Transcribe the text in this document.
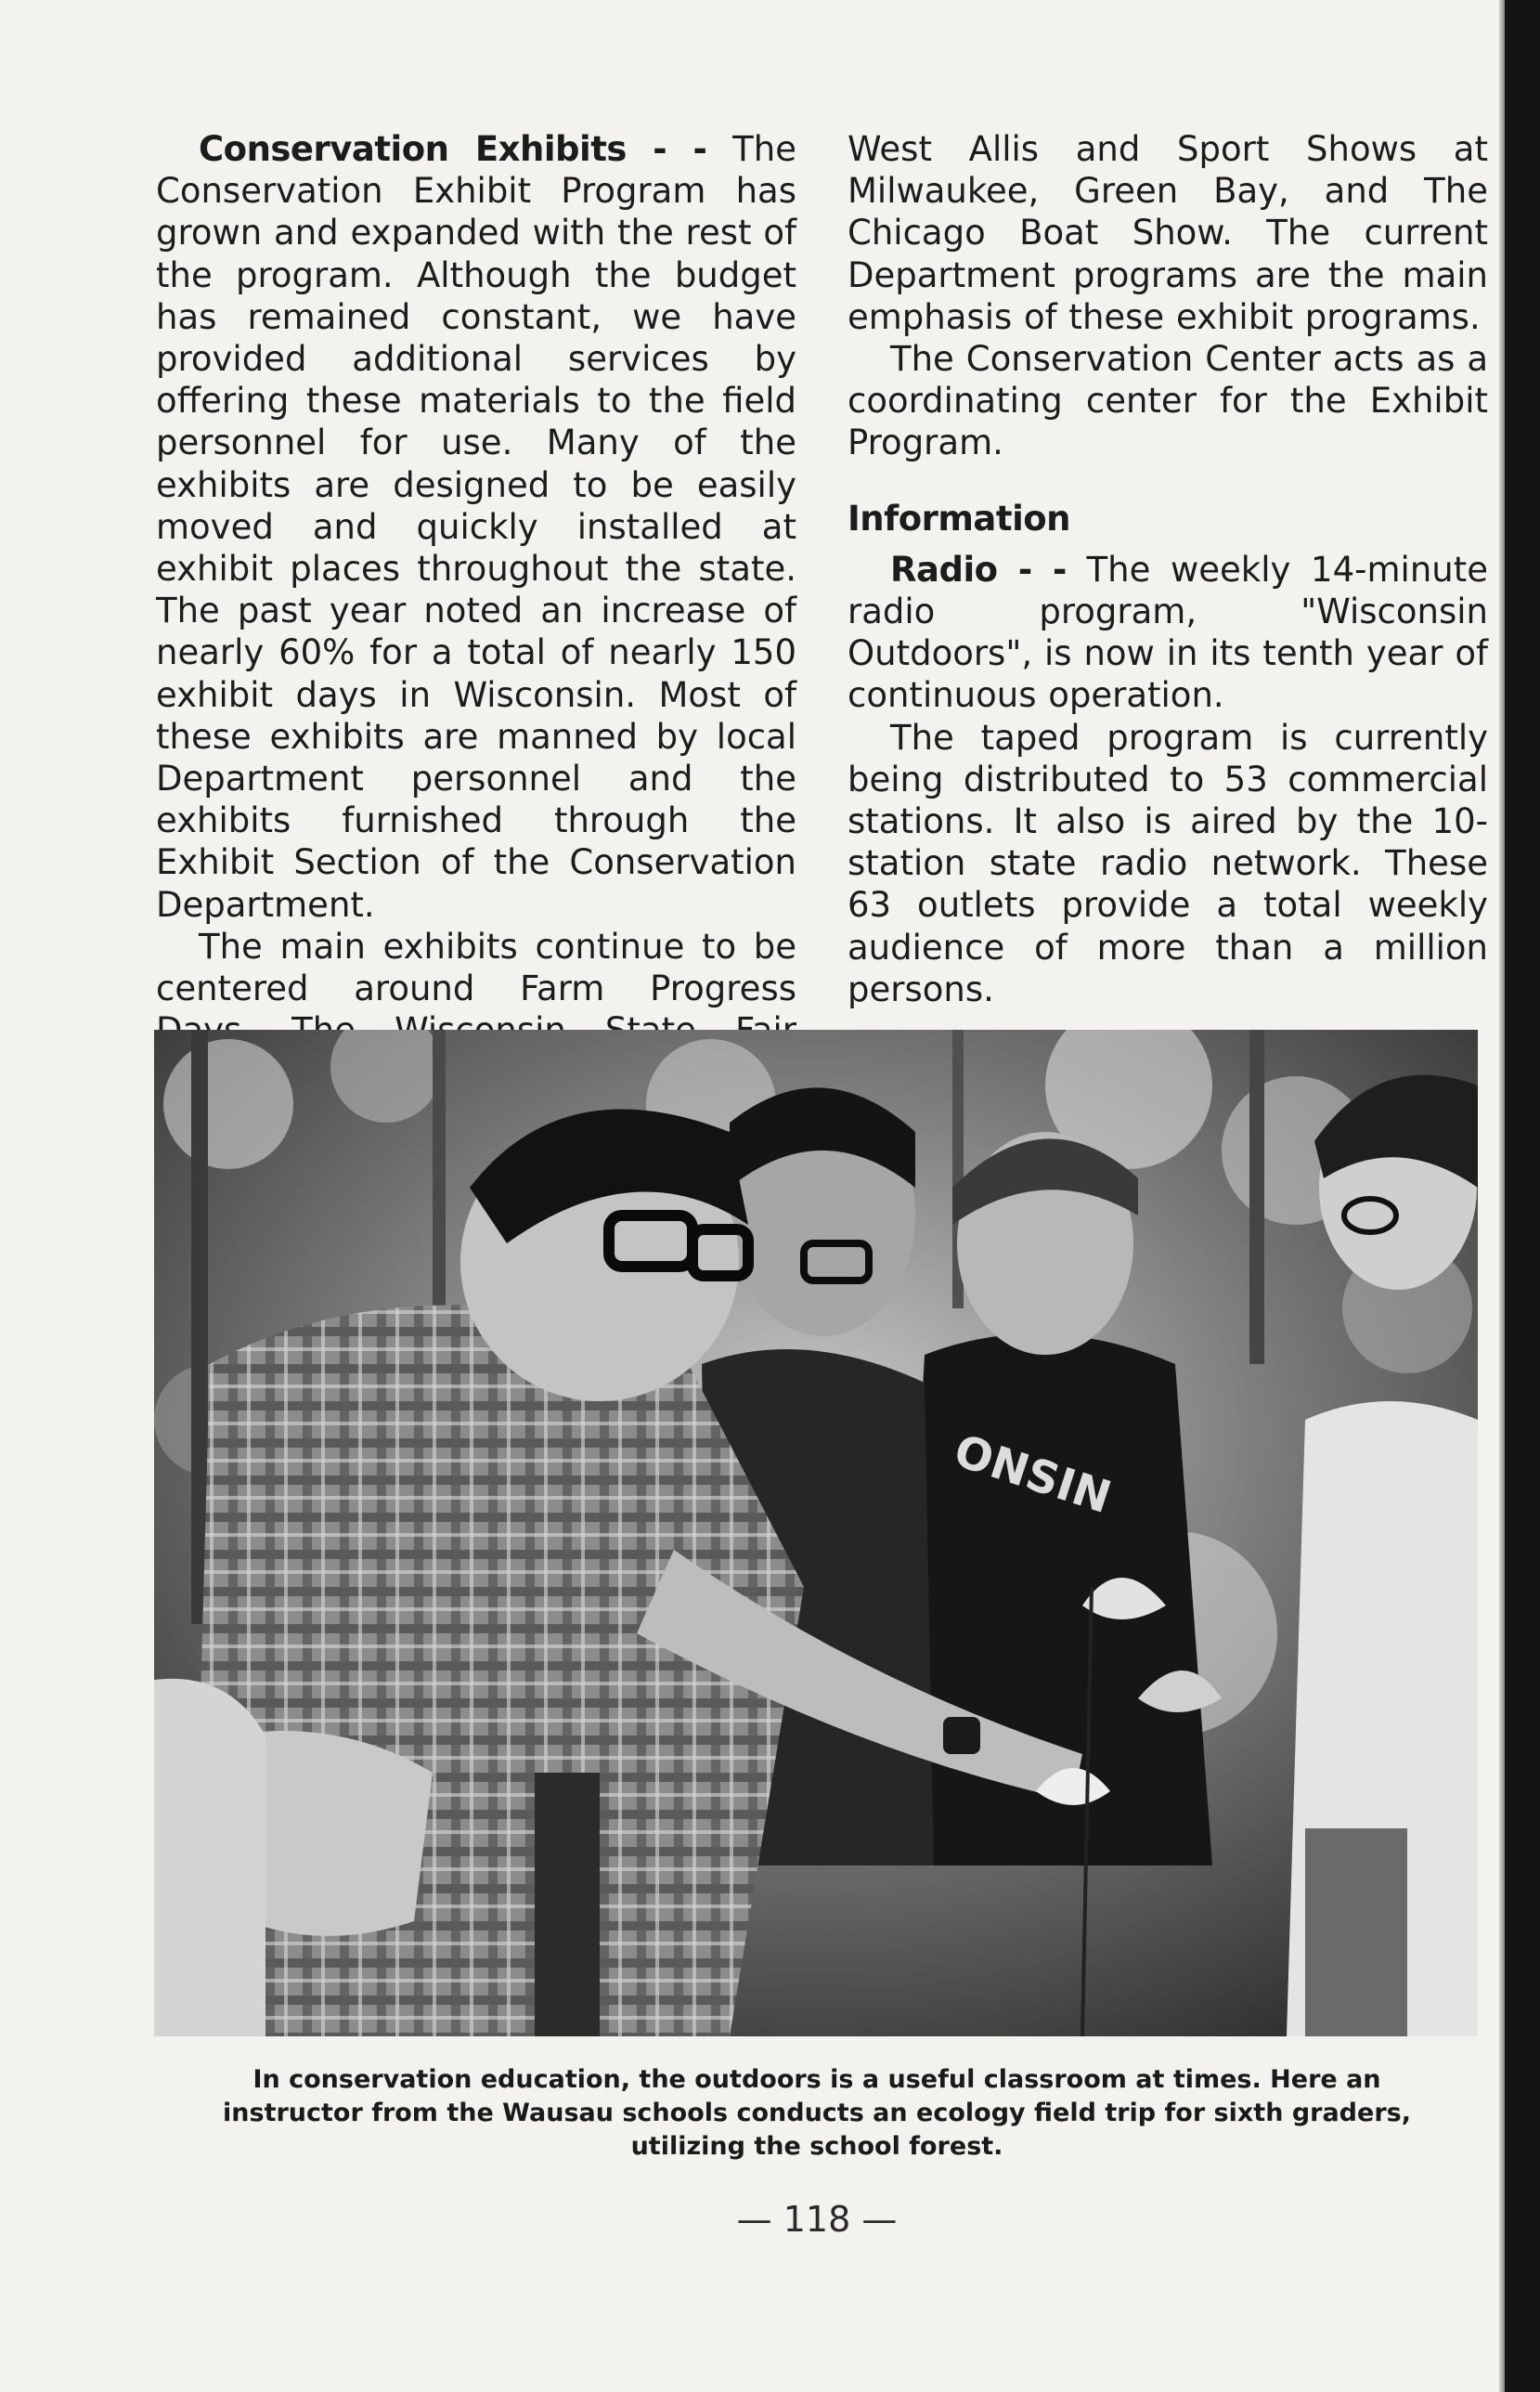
Conservation Exhibits - - The Conservation Exhibit Program has grown and expanded with the rest of the program. Although the budget has remained constant, we have provided additional services by offering these materials to the field personnel for use. Many of the exhibits are designed to be easily moved and quickly installed at exhibit places throughout the state. The past year noted an increase of nearly 60% for a total of nearly 150 exhibit days in Wisconsin. Most of these exhibits are manned by local Department personnel and the exhibits furnished through the Exhibit Section of the Conservation Department.

The main exhibits continue to be centered around Farm Progress

West Allis and Sport Shows at Milwaukee, Green Bay, and The Chicago Boat Show. The current Department programs are the main emphasis of these exhibit programs.

The Conservation Center acts as a coordinating center for the Exhibit Program.

Information

Radio - - The weekly 14-minute radio program, "Wisconsin Outdoors", is now in its tenth year of continuous operation.

The taped program is currently being distributed to 53 commercial stations. It also is aired by the 10-station state radio network. These 63 outlets provide a total weekly audience of more than a million persons.

ONSIN
In conservation education, the outdoors is a useful classroom at times. Here an instructor from the Wausau schools conducts an ecology field trip for sixth graders, utilizing the school forest.
— 118 —
